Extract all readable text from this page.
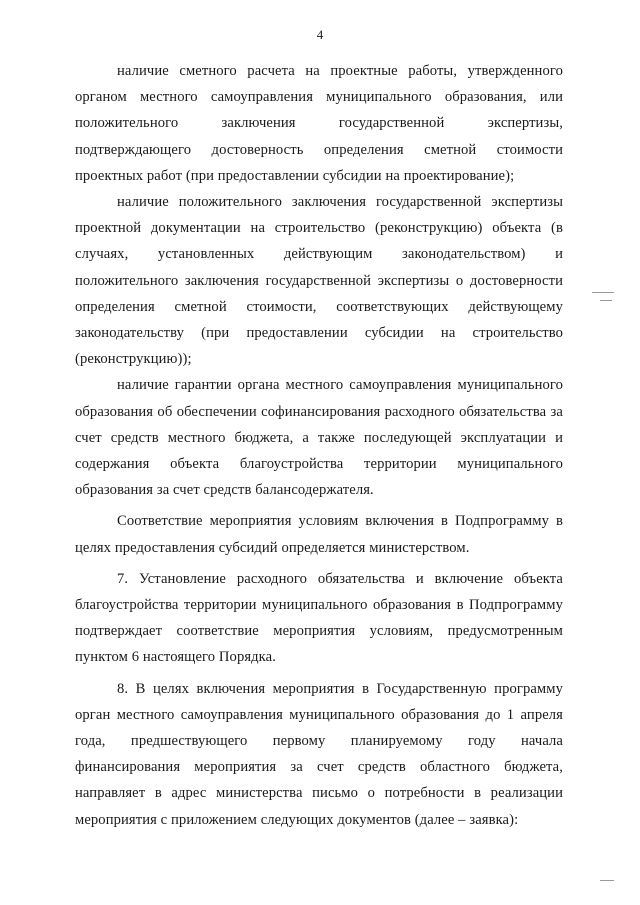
4

наличие сметного расчета на проектные работы, утвержденного органом местного самоуправления муниципального образования, или положительного заключения государственной экспертизы, подтверждающего достоверность определения сметной стоимости проектных работ (при предоставлении субсидии на проектирование);

наличие положительного заключения государственной экспертизы проектной документации на строительство (реконструкцию) объекта (в случаях, установленных действующим законодательством) и положительного заключения государственной экспертизы о достоверности определения сметной стоимости, соответствующих действующему законодательству (при предоставлении субсидии на строительство (реконструкцию));

наличие гарантии органа местного самоуправления муниципального образования об обеспечении софинансирования расходного обязательства за счет средств местного бюджета, а также последующей эксплуатации и содержания объекта благоустройства территории муниципального образования за счет средств балансодержателя.

Соответствие мероприятия условиям включения в Подпрограмму в целях предоставления субсидий определяется министерством.

7. Установление расходного обязательства и включение объекта благоустройства территории муниципального образования в Подпрограмму подтверждает соответствие мероприятия условиям, предусмотренным пунктом 6 настоящего Порядка.

8. В целях включения мероприятия в Государственную программу орган местного самоуправления муниципального образования до 1 апреля года, предшествующего первому планируемому году начала финансирования мероприятия за счет средств областного бюджета, направляет в адрес министерства письмо о потребности в реализации мероприятия с приложением следующих документов (далее – заявка):
